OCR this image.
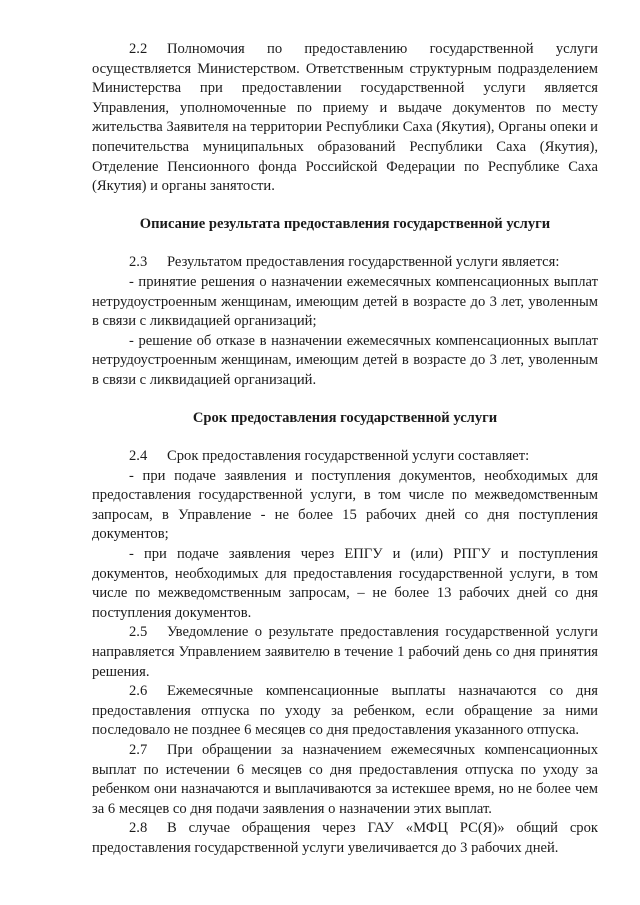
2.2 Полномочия по предоставлению государственной услуги осуществляется Министерством. Ответственным структурным подразделением Министерства при предоставлении государственной услуги является Управления, уполномоченные по приему и выдаче документов по месту жительства Заявителя на территории Республики Саха (Якутия), Органы опеки и попечительства муниципальных образований Республики Саха (Якутия), Отделение Пенсионного фонда Российской Федерации по Республике Саха (Якутия) и органы занятости.

Описание результата предоставления государственной услуги

2.3 Результатом предоставления государственной услуги является:

- принятие решения о назначении ежемесячных компенсационных выплат нетрудоустроенным женщинам, имеющим детей в возрасте до 3 лет, уволенным в связи с ликвидацией организаций;

- решение об отказе в назначении ежемесячных компенсационных выплат нетрудоустроенным женщинам, имеющим детей в возрасте до 3 лет, уволенным в связи с ликвидацией организаций.

Срок предоставления государственной услуги

2.4 Срок предоставления государственной услуги составляет:

- при подаче заявления и поступления документов, необходимых для предоставления государственной услуги, в том числе по межведомственным запросам, в Управление - не более 15 рабочих дней со дня поступления документов;

- при подаче заявления через ЕПГУ и (или) РПГУ и поступления документов, необходимых для предоставления государственной услуги, в том числе по межведомственным запросам, – не более 13 рабочих дней со дня поступления документов.

2.5 Уведомление о результате предоставления государственной услуги направляется Управлением заявителю в течение 1 рабочий день со дня принятия решения.

2.6 Ежемесячные компенсационные выплаты назначаются со дня предоставления отпуска по уходу за ребенком, если обращение за ними последовало не позднее 6 месяцев со дня предоставления указанного отпуска.

2.7 При обращении за назначением ежемесячных компенсационных выплат по истечении 6 месяцев со дня предоставления отпуска по уходу за ребенком они назначаются и выплачиваются за истекшее время, но не более чем за 6 месяцев со дня подачи заявления о назначении этих выплат.

2.8 В случае обращения через ГАУ «МФЦ РС(Я)» общий срок предоставления государственной услуги увеличивается до 3 рабочих дней.
